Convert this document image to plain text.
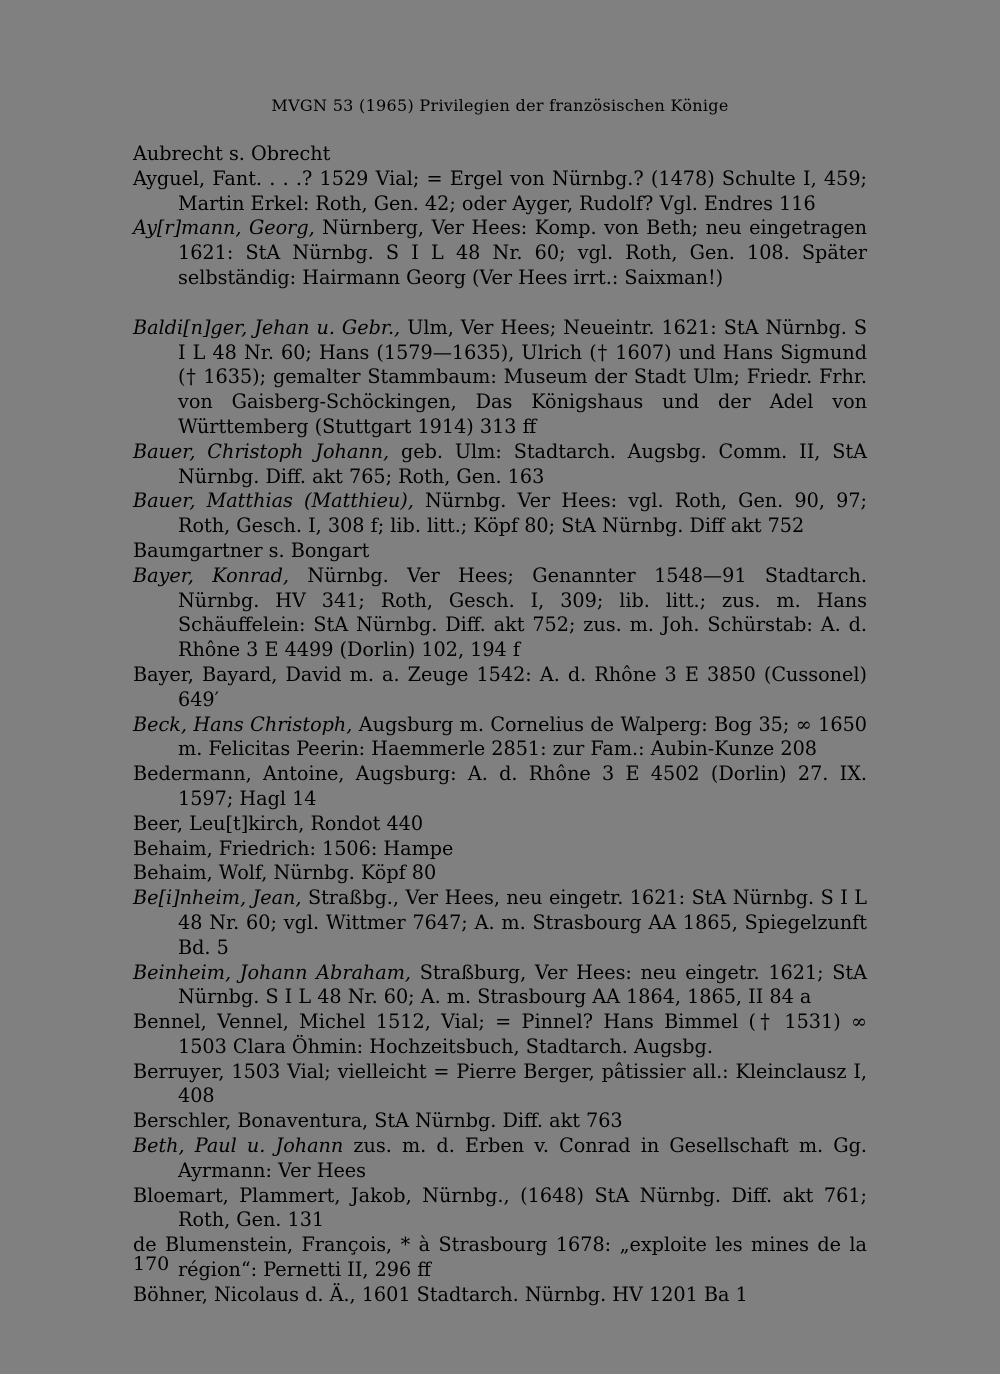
MVGN 53 (1965) Privilegien der französischen Könige

Aubrecht s. Obrecht

Ayguel, Fant. . . .? 1529 Vial; = Ergel von Nürnbg.? (1478) Schulte I, 459; Martin Erkel: Roth, Gen. 42; oder Ayger, Rudolf? Vgl. Endres 116

Ay[r]mann, Georg, Nürnberg, Ver Hees: Komp. von Beth; neu eingetragen 1621: StA Nürnbg. S I L 48 Nr. 60; vgl. Roth, Gen. 108. Später selbständig: Hairmann Georg (Ver Hees irrt.: Saixman!)

Baldi[n]ger, Jehan u. Gebr., Ulm, Ver Hees; Neueintr. 1621: StA Nürnbg. S I L 48 Nr. 60; Hans (1579—1635), Ulrich († 1607) und Hans Sigmund († 1635); gemalter Stammbaum: Museum der Stadt Ulm; Friedr. Frhr. von Gaisberg-Schöckingen, Das Königshaus und der Adel von Württemberg (Stuttgart 1914) 313 ff

Bauer, Christoph Johann, geb. Ulm: Stadtarch. Augsbg. Comm. II, StA Nürnbg. Diff. akt 765; Roth, Gen. 163

Bauer, Matthias (Matthieu), Nürnbg. Ver Hees: vgl. Roth, Gen. 90, 97; Roth, Gesch. I, 308 f; lib. litt.; Köpf 80; StA Nürnbg. Diff akt 752

Baumgartner s. Bongart

Bayer, Konrad, Nürnbg. Ver Hees; Genannter 1548—91 Stadtarch. Nürnbg. HV 341; Roth, Gesch. I, 309; lib. litt.; zus. m. Hans Schäuffelein: StA Nürnbg. Diff. akt 752; zus. m. Joh. Schürstab: A. d. Rhône 3 E 4499 (Dorlin) 102, 194 f

Bayer, Bayard, David m. a. Zeuge 1542: A. d. Rhône 3 E 3850 (Cussonel) 649′

Beck, Hans Christoph, Augsburg m. Cornelius de Walperg: Bog 35; ∞ 1650 m. Felicitas Peerin: Haemmerle 2851: zur Fam.: Aubin-Kunze 208

Bedermann, Antoine, Augsburg: A. d. Rhône 3 E 4502 (Dorlin) 27. IX. 1597; Hagl 14

Beer, Leu[t]kirch, Rondot 440

Behaim, Friedrich: 1506: Hampe

Behaim, Wolf, Nürnbg. Köpf 80

Be[i]nheim, Jean, Straßbg., Ver Hees, neu eingetr. 1621: StA Nürnbg. S I L 48 Nr. 60; vgl. Wittmer 7647; A. m. Strasbourg AA 1865, Spiegelzunft Bd. 5

Beinheim, Johann Abraham, Straßburg, Ver Hees: neu eingetr. 1621; StA Nürnbg. S I L 48 Nr. 60; A. m. Strasbourg AA 1864, 1865, II 84 a

Bennel, Vennel, Michel 1512, Vial; = Pinnel? Hans Bimmel († 1531) ∞ 1503 Clara Öhmin: Hochzeitsbuch, Stadtarch. Augsbg.

Berruyer, 1503 Vial; vielleicht = Pierre Berger, pâtissier all.: Kleinclausz I, 408

Berschler, Bonaventura, StA Nürnbg. Diff. akt 763

Beth, Paul u. Johann zus. m. d. Erben v. Conrad in Gesellschaft m. Gg. Ayrmann: Ver Hees

Bloemart, Plammert, Jakob, Nürnbg., (1648) StA Nürnbg. Diff. akt 761; Roth, Gen. 131

de Blumenstein, François, * à Strasbourg 1678: „exploite les mines de la région“: Pernetti II, 296 ff

Böhner, Nicolaus d. Ä., 1601 Stadtarch. Nürnbg. HV 1201 Ba 1

170
